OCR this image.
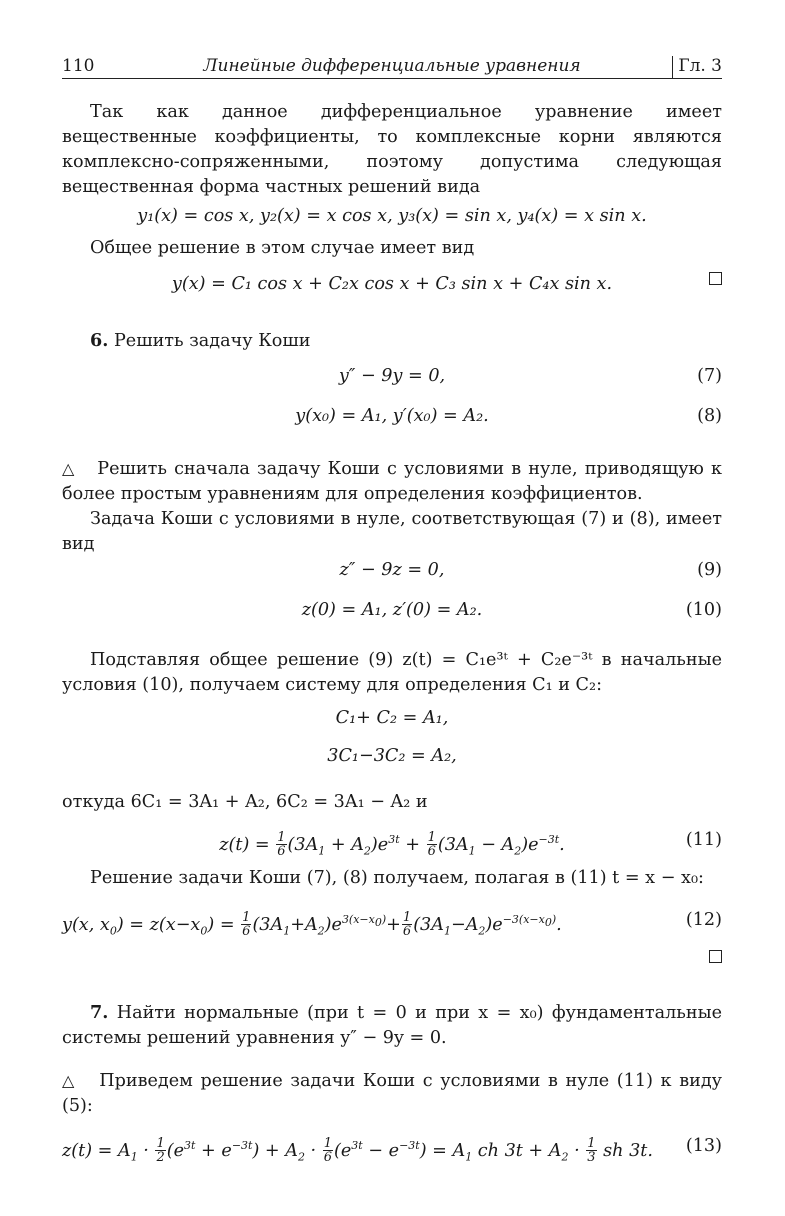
110	Линейные дифференциальные уравнения	Гл. 3
Так как данное дифференциальное уравнение имеет вещественные коэффициенты, то комплексные корни являются комплексно-сопряженными, поэтому допустима следующая вещественная форма частных решений вида
y₁(x) = cos x, y₂(x) = x cos x, y₃(x) = sin x, y₄(x) = x sin x.
Общее решение в этом случае имеет вид
y(x) = C₁ cos x + C₂x cos x + C₃ sin x + C₄x sin x.
6. Решить задачу Коши
y″ − 9y = 0,	(7)
y(x₀) = A₁, y′(x₀) = A₂.	(8)
△ Решить сначала задачу Коши с условиями в нуле, приводящую к более простым уравнениям для определения коэффициентов.
Задача Коши с условиями в нуле, соответствующая (7) и (8), имеет вид
z″ − 9z = 0,	(9)
z(0) = A₁, z′(0) = A₂.	(10)
Подставляя общее решение (9) z(t) = C₁e³ᵗ + C₂e⁻³ᵗ в начальные условия (10), получаем систему для определения C₁ и C₂:
C₁+ C₂ = A₁,
3C₁−3C₂ = A₂,
откуда 6C₁ = 3A₁ + A₂, 6C₂ = 3A₁ − A₂ и
$z(t) = \frac{1}{6} (3A_1 + A_2)e^{3t} + \frac{1}{6} (3A_1 - A_2)e^{-3t}$.	(11)
Решение задачи Коши (7), (8) получаем, полагая в (11) t = x − x₀:
y(x, $x_0) = z(x-x_0) = \frac{1}{6} (3A_1+A_2)e^{3(x-x_0)}+ \frac{1}{6} (3A_1-A_2)e^{-3(x-x_0)}$.	(12)
7. Найти нормальные (при t = 0 и при x = x₀) фундаментальные системы решений уравнения y″ − 9y = 0.
△ Приведем решение задачи Коши с условиями в нуле (11) к виду (5):
$z(t) = A_1 \cdot \frac{1}{2} (e^{3t} + e^{-3t}) + A_2 \cdot \frac{1}{6} (e^{3t} - e^{-3t}) = A_1$ ch $3t + A_2 \cdot \frac{1}{3}$ sh 3t.	(13)
